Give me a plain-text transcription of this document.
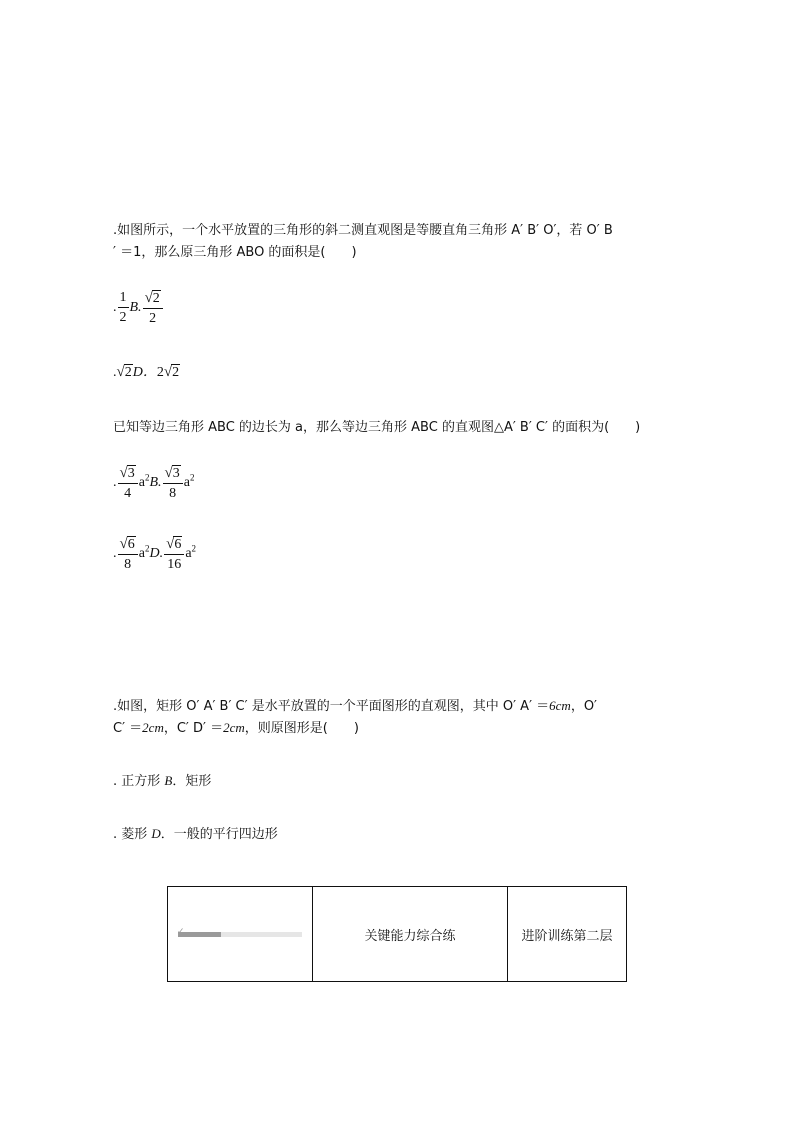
.如图所示，一个水平放置的三角形的斜二测直观图是等腰直角三角形 A′ B′ O′，若 O′ B
′ ＝1，那么原三角形 ABO 的面积是(　　)
. $\frac{1}{2} B$. $\frac{√ 2}{2}$
. √ 2 D．2 √ 2
已知等边三角形 ABC 的边长为 a，那么等边三角形 ABC 的直观图△A′ B′ C′ 的面积为(　　)
. $\frac{√ 3}{4} a^2B$. $\frac{√ 3}{8} a^2$
. $\frac{√ 6}{8} a^2D$. $\frac{√ 6}{16} a^2$
.如图，矩形 O′ A′ B′ C′ 是水平放置的一个平面图形的直观图，其中 O′ A′ ＝6cm，O′
C′ ＝2cm，C′ D′ ＝2cm，则原图形是(　　)
. 正方形 B．矩形
. 菱形 D．一般的平行四边形
✓	关键能力综合练	进阶训练第二层
